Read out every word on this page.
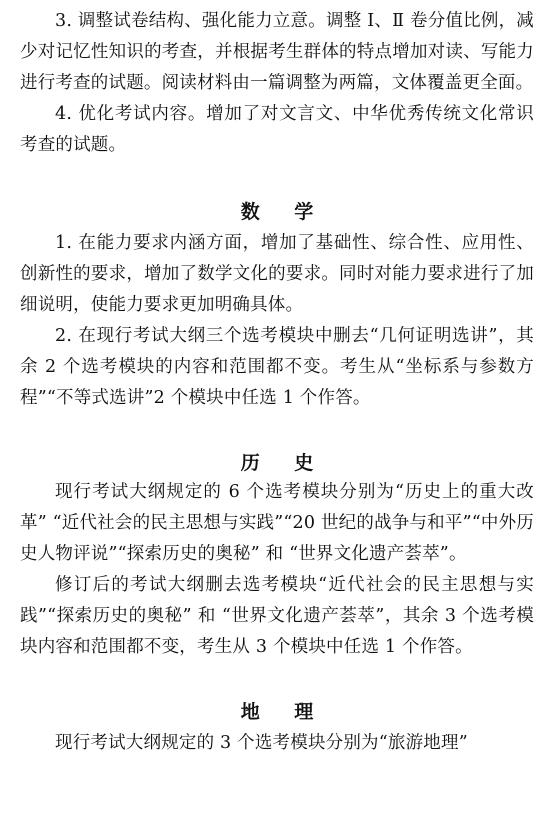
3. 调整试卷结构、强化能力立意。调整 Ⅰ、Ⅱ 卷分值比例，减少对记忆性知识的考查，并根据考生群体的特点增加对读、写能力进行考查的试题。阅读材料由一篇调整为两篇，文体覆盖更全面。

4. 优化考试内容。增加了对文言文、中华优秀传统文化常识考查的试题。

数 学

1. 在能力要求内涵方面，增加了基础性、综合性、应用性、创新性的要求，增加了数学文化的要求。同时对能力要求进行了加细说明，使能力要求更加明确具体。

2. 在现行考试大纲三个选考模块中删去“几何证明选讲”，其余 2 个选考模块的内容和范围都不变。考生从“坐标系与参数方程”“不等式选讲”2 个模块中任选 1 个作答。

历 史

现行考试大纲规定的 6 个选考模块分别为“历史上的重大改革” “近代社会的民主思想与实践”“20 世纪的战争与和平”“中外历史人物评说”“探索历史的奥秘” 和 “世界文化遗产荟萃”。

修订后的考试大纲删去选考模块“近代社会的民主思想与实践”“探索历史的奥秘” 和 “世界文化遗产荟萃”，其余 3 个选考模块内容和范围都不变，考生从 3 个模块中任选 1 个作答。

地 理

现行考试大纲规定的 3 个选考模块分别为“旅游地理”
